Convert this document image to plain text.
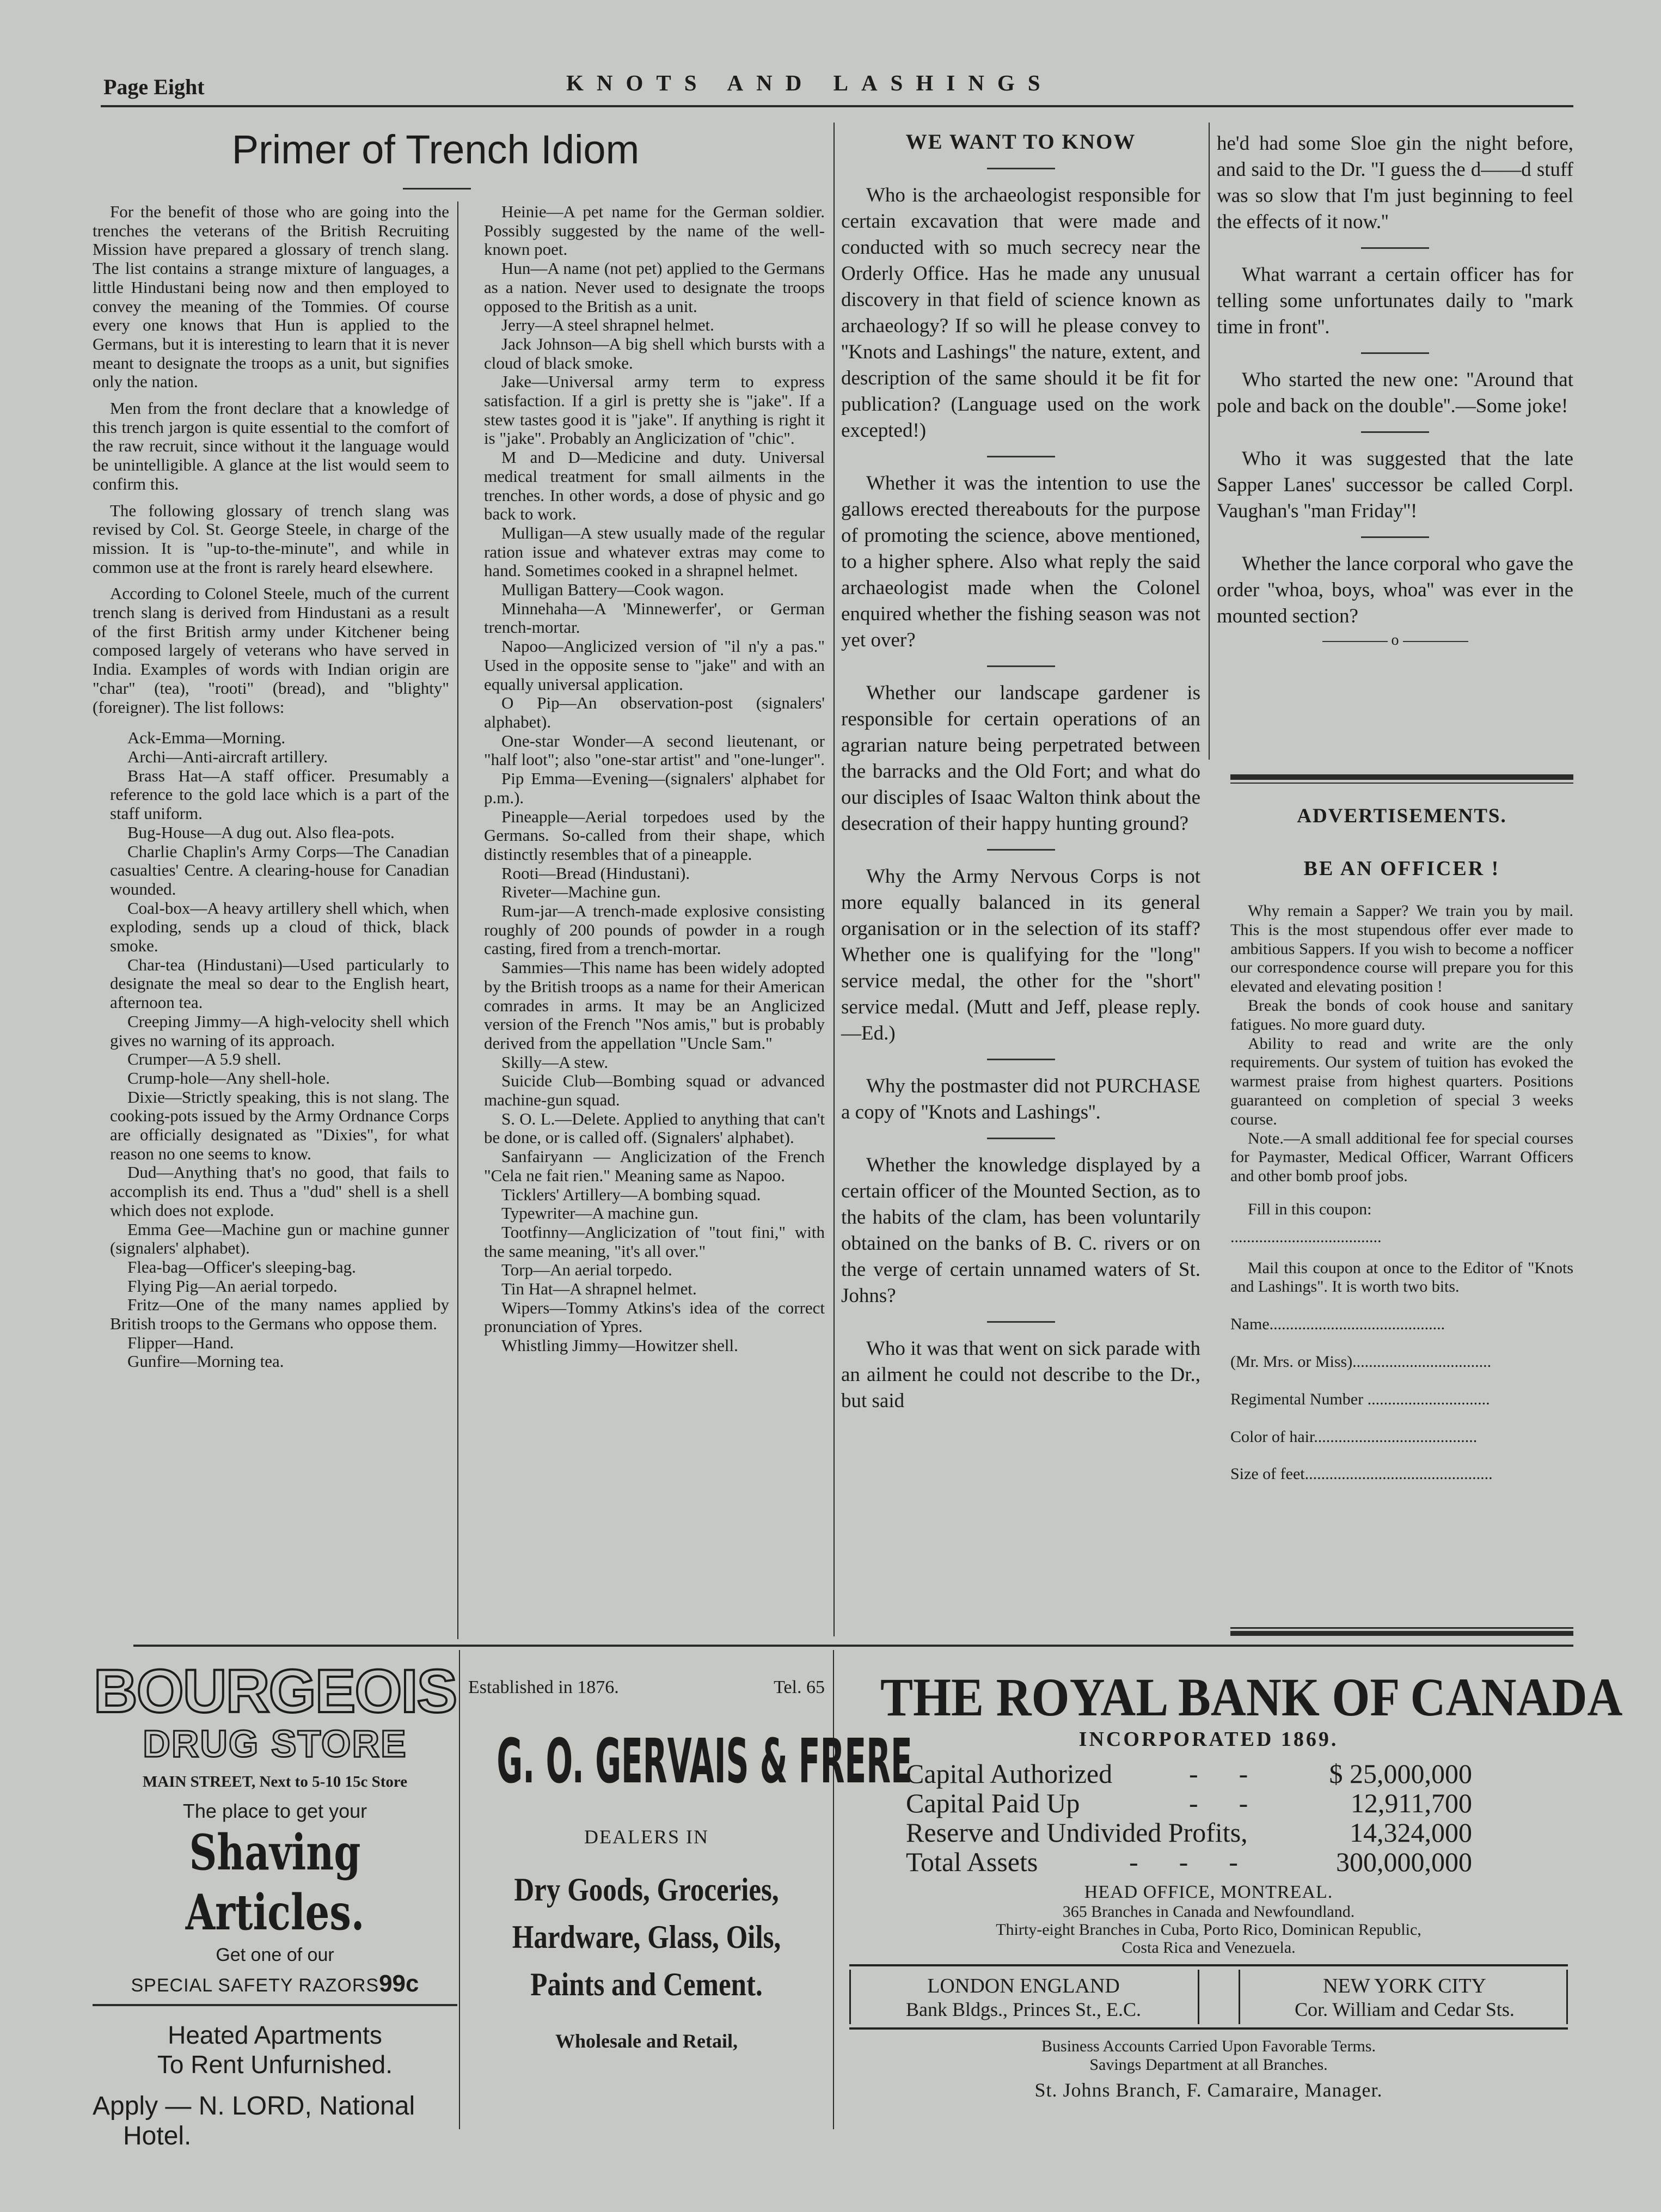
Page Eight	KNOTS AND LASHINGS
Primer of Trench Idiom

For the benefit of those who are going into the trenches the veterans of the British Recruiting Mission have prepared a glossary of trench slang. The list contains a strange mixture of languages, a little Hindustani being now and then employed to convey the meaning of the Tommies. Of course every one knows that Hun is applied to the Germans, but it is interesting to learn that it is never meant to designate the troops as a unit, but signifies only the nation.

Men from the front declare that a knowledge of this trench jargon is quite essential to the comfort of the raw recruit, since without it the language would be unintelligible. A glance at the list would seem to confirm this.

The following glossary of trench slang was revised by Col. St. George Steele, in charge of the mission. It is "up-to-the-minute", and while in common use at the front is rarely heard elsewhere.

According to Colonel Steele, much of the current trench slang is derived from Hindustani as a result of the first British army under Kitchener being composed largely of veterans who have served in India. Examples of words with Indian origin are "char" (tea), "rooti" (bread), and "blighty" (foreigner). The list follows:

Ack-Emma—Morning.

Archi—Anti-aircraft artillery.

Brass Hat—A staff officer. Presumably a reference to the gold lace which is a part of the staff uniform.

Bug-House—A dug out. Also flea-pots.

Charlie Chaplin's Army Corps—The Canadian casualties' Centre. A clearing-house for Canadian wounded.

Coal-box—A heavy artillery shell which, when exploding, sends up a cloud of thick, black smoke.

Char-tea (Hindustani)—Used particularly to designate the meal so dear to the English heart, afternoon tea.

Creeping Jimmy—A high-velocity shell which gives no warning of its approach.

Crumper—A 5.9 shell.

Crump-hole—Any shell-hole.

Dixie—Strictly speaking, this is not slang. The cooking-pots issued by the Army Ordnance Corps are officially designated as "Dixies", for what reason no one seems to know.

Dud—Anything that's no good, that fails to accomplish its end. Thus a "dud" shell is a shell which does not explode.

Emma Gee—Machine gun or machine gunner (signalers' alphabet).

Flea-bag—Officer's sleeping-bag.

Flying Pig—An aerial torpedo.

Fritz—One of the many names applied by British troops to the Germans who oppose them.

Flipper—Hand.

Gunfire—Morning tea.

Heinie—A pet name for the German soldier. Possibly suggested by the name of the well-known poet.

Hun—A name (not pet) applied to the Germans as a nation. Never used to designate the troops opposed to the British as a unit.

Jerry—A steel shrapnel helmet.

Jack Johnson—A big shell which bursts with a cloud of black smoke.

Jake—Universal army term to express satisfaction. If a girl is pretty she is "jake". If a stew tastes good it is "jake". If anything is right it is "jake". Probably an Anglicization of "chic".

M and D—Medicine and duty. Universal medical treatment for small ailments in the trenches. In other words, a dose of physic and go back to work.

Mulligan—A stew usually made of the regular ration issue and whatever extras may come to hand. Sometimes cooked in a shrapnel helmet.

Mulligan Battery—Cook wagon.

Minnehaha—A 'Minnewerfer', or German trench-mortar.

Napoo—Anglicized version of "il n'y a pas." Used in the opposite sense to "jake" and with an equally universal application.

O Pip—An observation-post (signalers' alphabet).

One-star Wonder—A second lieutenant, or "half loot"; also "one-star artist" and "one-lunger".

Pip Emma—Evening—(signalers' alphabet for p.m.).

Pineapple—Aerial torpedoes used by the Germans. So-called from their shape, which distinctly resembles that of a pineapple.

Rooti—Bread (Hindustani).

Riveter—Machine gun.

Rum-jar—A trench-made explosive consisting roughly of 200 pounds of powder in a rough casting, fired from a trench-mortar.

Sammies—This name has been widely adopted by the British troops as a name for their American comrades in arms. It may be an Anglicized version of the French "Nos amis," but is probably derived from the appellation "Uncle Sam."

Skilly—A stew.

Suicide Club—Bombing squad or advanced machine-gun squad.

S. O. L.—Delete. Applied to anything that can't be done, or is called off. (Signalers' alphabet).

Sanfairyann — Anglicization of the French "Cela ne fait rien." Meaning same as Napoo.

Ticklers' Artillery—A bombing squad.

Typewriter—A machine gun.

Tootfinny—Anglicization of "tout fini," with the same meaning, "it's all over."

Torp—An aerial torpedo.

Tin Hat—A shrapnel helmet.

Wipers—Tommy Atkins's idea of the correct pronunciation of Ypres.

Whistling Jimmy—Howitzer shell.

WE WANT TO KNOW

Who is the archaeologist responsible for certain excavation that were made and conducted with so much secrecy near the Orderly Office. Has he made any unusual discovery in that field of science known as archaeology? If so will he please convey to ''Knots and Lashings'' the nature, extent, and description of the same should it be fit for publication? (Language used on the work excepted!)

Whether it was the intention to use the gallows erected thereabouts for the purpose of promoting the science, above mentioned, to a higher sphere. Also what reply the said archaeologist made when the Colonel enquired whether the fishing season was not yet over?

Whether our landscape gardener is responsible for certain operations of an agrarian nature being perpetrated between the barracks and the Old Fort; and what do our disciples of Isaac Walton think about the desecration of their happy hunting ground?

Why the Army Nervous Corps is not more equally balanced in its general organisation or in the selection of its staff? Whether one is qualifying for the ''long'' service medal, the other for the ''short'' service medal. (Mutt and Jeff, please reply.—Ed.)

Why the postmaster did not PURCHASE a copy of ''Knots and Lashings''.

Whether the knowledge displayed by a certain officer of the Mounted Section, as to the habits of the clam, has been voluntarily obtained on the banks of B. C. rivers or on the verge of certain unnamed waters of St. Johns?

Who it was that went on sick parade with an ailment he could not describe to the Dr., but said

he'd had some Sloe gin the night before, and said to the Dr. ''I guess the d——d stuff was so slow that I'm just beginning to feel the effects of it now.''

What warrant a certain officer has for telling some unfortunates daily to ''mark time in front''.

Who started the new one: ''Around that pole and back on the double''.—Some joke!

Who it was suggested that the late Sapper Lanes' successor be called Corpl. Vaughan's ''man Friday''!

Whether the lance corporal who gave the order ''whoa, boys, whoa'' was ever in the mounted section?

o
ADVERTISEMENTS.
BE AN OFFICER !

Why remain a Sapper? We train you by mail. This is the most stupendous offer ever made to ambitious Sappers. If you wish to become a nofficer our correspondence course will prepare you for this elevated and elevating position !

Break the bonds of cook house and sanitary fatigues. No more guard duty.

Ability to read and write are the only requirements. Our system of tuition has evoked the warmest praise from highest quarters. Positions guaranteed on completion of special 3 weeks course.

Note.—A small additional fee for special courses for Paymaster, Medical Officer, Warrant Officers and other bomb proof jobs.

Fill in this coupon:

.....................................

Mail this coupon at once to the Editor of "Knots and Lashings". It is worth two bits.

Name...........................................
(Mr. Mrs. or Miss)..................................
Regimental Number ..............................
Color of hair........................................
Size of feet..............................................
BOURGEOIS
DRUG STORE
MAIN STREET, Next to 5-10 15c Store
The place to get your
Shaving Articles.
Get one of our
SPECIAL SAFETY RAZORS99c
Heated Apartments
To Rent Unfurnished.
Apply — N. LORD, National
Hotel.
Established in 1876.	Tel. 65
G. O. GERVAIS & FRERE
DEALERS IN
Dry Goods, Groceries,
Hardware, Glass, Oils,
Paints and Cement.
Wholesale and Retail,
THE ROYAL BANK OF CANADA
INCORPORATED 1869.
Capital Authorized	-      -	$ 25,000,000
Capital Paid Up	-      -	12,911,700
Reserve and Undivided Profits,	14,324,000
Total Assets	-      -      -	300,000,000
HEAD OFFICE, MONTREAL.
365 Branches in Canada and Newfoundland.
Thirty-eight Branches in Cuba, Porto Rico, Dominican Republic,
Costa Rica and Venezuela.
LONDON ENGLAND
Bank Bldgs., Princes St., E.C.
NEW YORK CITY
Cor. William and Cedar Sts.
Business Accounts Carried Upon Favorable Terms.
Savings Department at all Branches.
St. Johns Branch, F. Camaraire, Manager.
